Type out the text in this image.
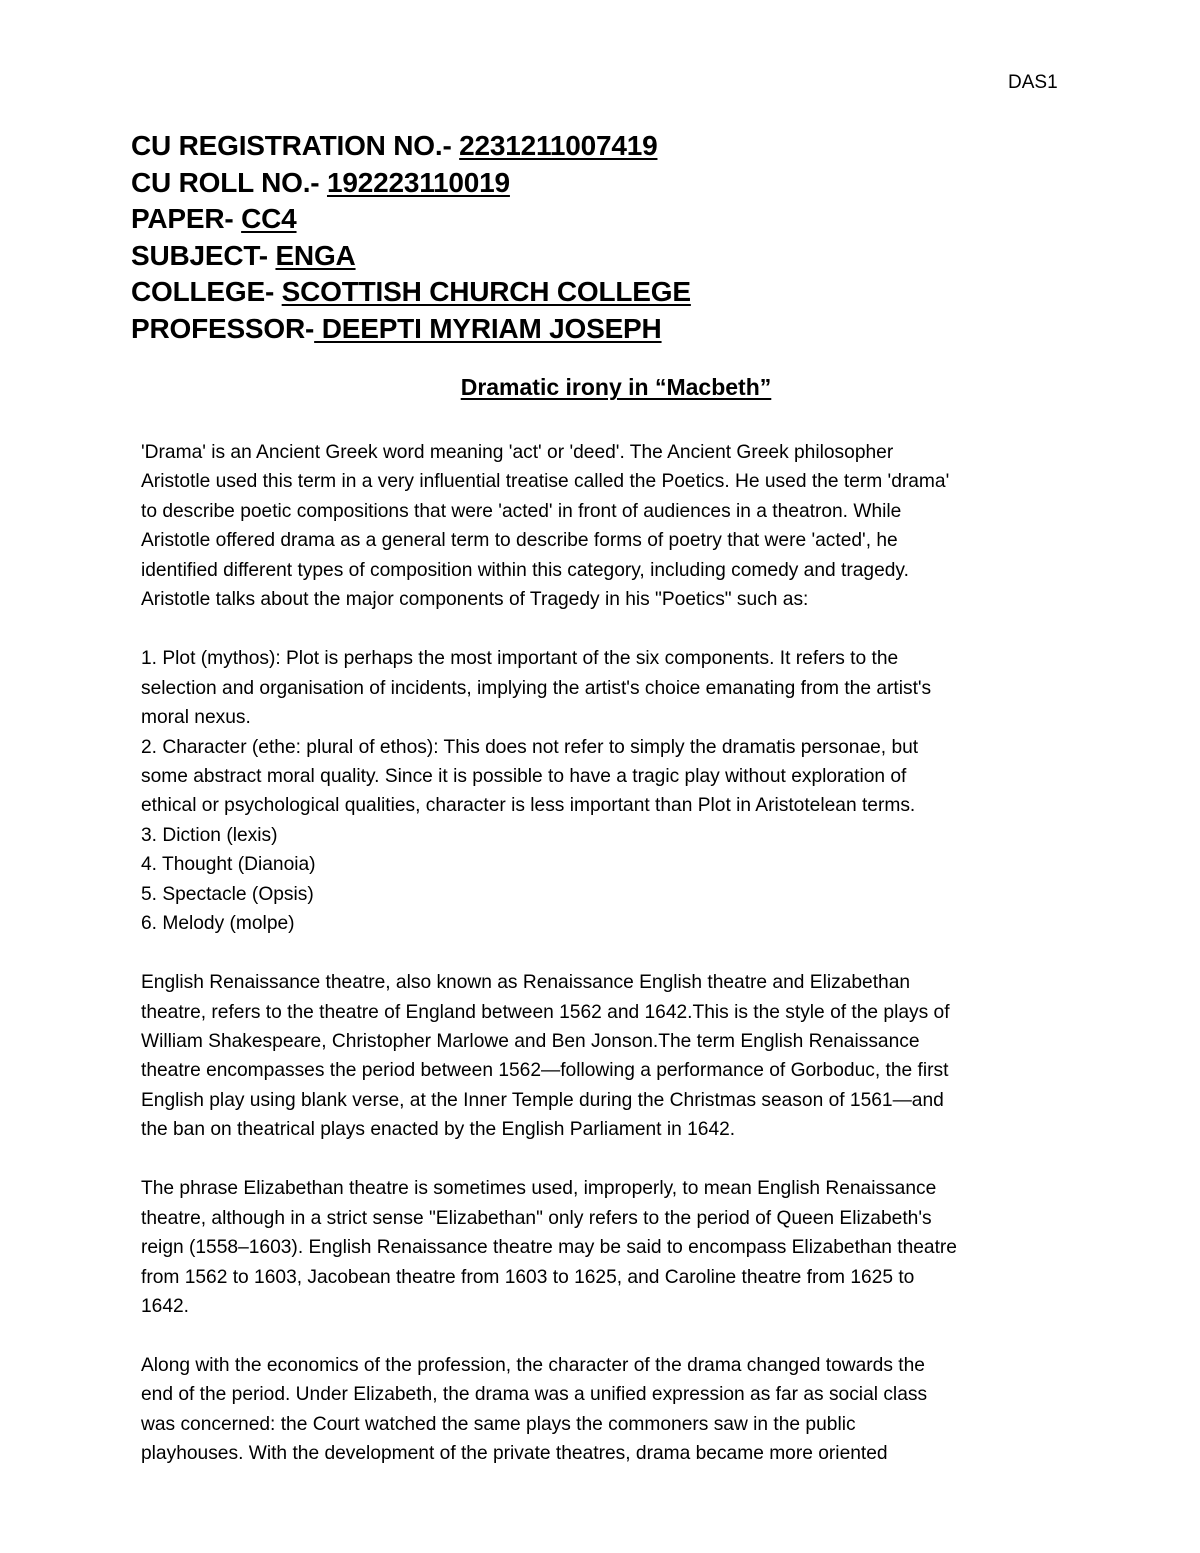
DAS1
CU REGISTRATION NO.- 2231211007419
CU ROLL NO.- 192223110019
PAPER- CC4
SUBJECT- ENGA
COLLEGE- SCOTTISH CHURCH COLLEGE
PROFESSOR- DEEPTI MYRIAM JOSEPH
Dramatic irony in “Macbeth”
'Drama' is an Ancient Greek word meaning 'act' or 'deed'. The Ancient Greek philosopher
Aristotle used this term in a very influential treatise called the Poetics. He used the term 'drama'
to describe poetic compositions that were 'acted' in front of audiences in a theatron. While
Aristotle offered drama as a general term to describe forms of poetry that were 'acted', he
identified different types of composition within this category, including comedy and tragedy.
Aristotle talks about the major components of Tragedy in his "Poetics" such as:
1. Plot (mythos): Plot is perhaps the most important of the six components. It refers to the
selection and organisation of incidents, implying the artist's choice emanating from the artist's
moral nexus.
2. Character (ethe: plural of ethos): This does not refer to simply the dramatis personae, but
some abstract moral quality. Since it is possible to have a tragic play without exploration of
ethical or psychological qualities, character is less important than Plot in Aristotelean terms.
3. Diction (lexis)
4. Thought (Dianoia)
5. Spectacle (Opsis)
6. Melody (molpe)
English Renaissance theatre, also known as Renaissance English theatre and Elizabethan
theatre, refers to the theatre of England between 1562 and 1642.This is the style of the plays of
William Shakespeare, Christopher Marlowe and Ben Jonson.The term English Renaissance
theatre encompasses the period between 1562—following a performance of Gorboduc, the first
English play using blank verse, at the Inner Temple during the Christmas season of 1561—and
the ban on theatrical plays enacted by the English Parliament in 1642.
The phrase Elizabethan theatre is sometimes used, improperly, to mean English Renaissance
theatre, although in a strict sense "Elizabethan" only refers to the period of Queen Elizabeth's
reign (1558–1603). English Renaissance theatre may be said to encompass Elizabethan theatre
from 1562 to 1603, Jacobean theatre from 1603 to 1625, and Caroline theatre from 1625 to
1642.
Along with the economics of the profession, the character of the drama changed towards the
end of the period. Under Elizabeth, the drama was a unified expression as far as social class
was concerned: the Court watched the same plays the commoners saw in the public
playhouses. With the development of the private theatres, drama became more oriented
